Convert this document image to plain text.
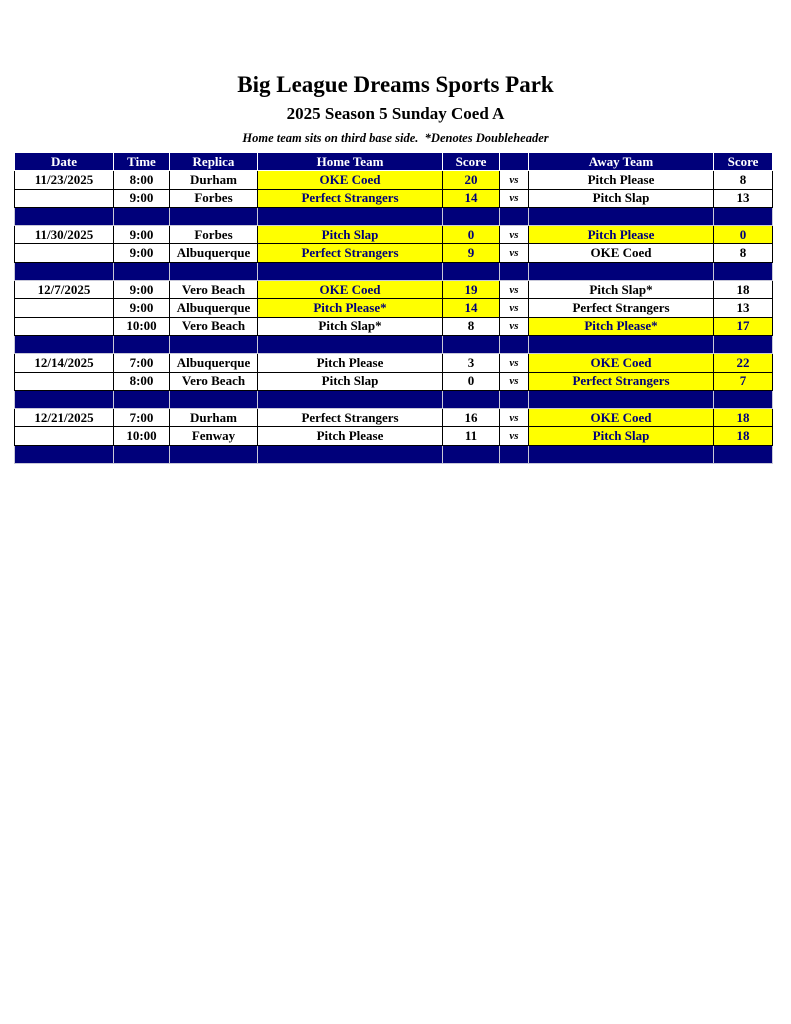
Big League Dreams Sports Park
2025 Season 5 Sunday Coed A
Home team sits on third base side.  *Denotes Doubleheader
Date	Time	Replica	Home Team	Score		Away Team	Score
11/23/2025	8:00	Durham	OKE Coed	20	vs	Pitch Please	8
	9:00	Forbes	Perfect Strangers	14	vs	Pitch Slap	13

11/30/2025	9:00	Forbes	Pitch Slap	0	vs	Pitch Please	0
	9:00	Albuquerque	Perfect Strangers	9	vs	OKE Coed	8

12/7/2025	9:00	Vero Beach	OKE Coed	19	vs	Pitch Slap*	18
	9:00	Albuquerque	Pitch Please*	14	vs	Perfect Strangers	13
	10:00	Vero Beach	Pitch Slap*	8	vs	Pitch Please*	17

12/14/2025	7:00	Albuquerque	Pitch Please	3	vs	OKE Coed	22
	8:00	Vero Beach	Pitch Slap	0	vs	Perfect Strangers	7

12/21/2025	7:00	Durham	Perfect Strangers	16	vs	OKE Coed	18
	10:00	Fenway	Pitch Please	11	vs	Pitch Slap	18
